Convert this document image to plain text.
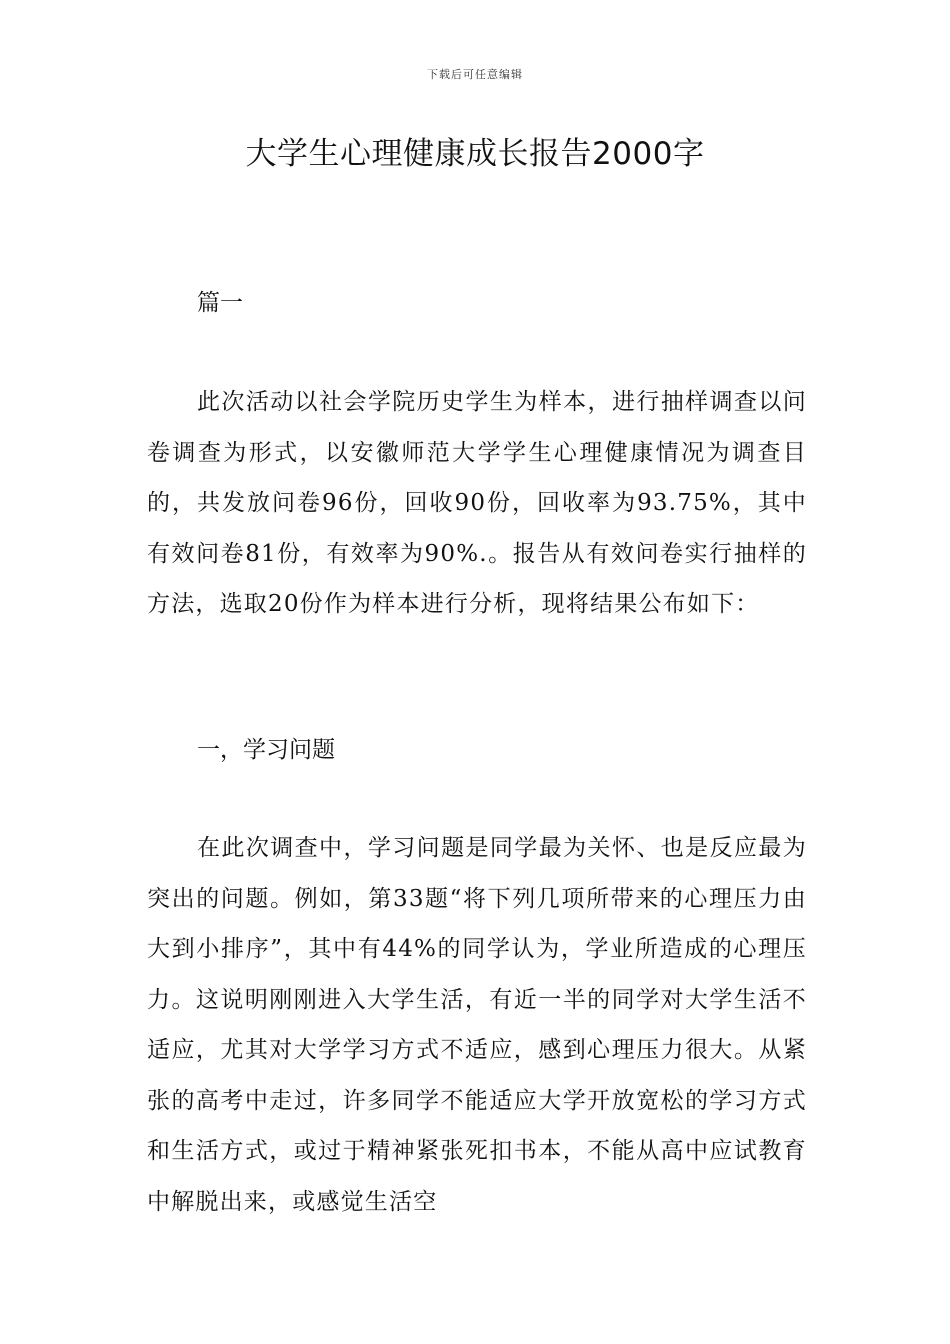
下载后可任意编辑
大学生心理健康成长报告2000字
篇一

此次活动以社会学院历史学生为样本，进行抽样调查以问卷调查为形式，以安徽师范大学学生心理健康情况为调查目的，共发放问卷96份，回收90份，回收率为93.75%，其中有效问卷81份，有效率为90%.。报告从有效问卷实行抽样的方法，选取20份作为样本进行分析，现将结果公布如下：

一，学习问题

在此次调查中，学习问题是同学最为关怀、也是反应最为突出的问题。例如，第33题“将下列几项所带来的心理压力由大到小排序”，其中有44%的同学认为，学业所造成的心理压力。这说明刚刚进入大学生活，有近一半的同学对大学生活不适应，尤其对大学学习方式不适应，感到心理压力很大。从紧张的高考中走过，许多同学不能适应大学开放宽松的学习方式和生活方式，或过于精神紧张死扣书本，不能从高中应试教育中解脱出来，或感觉生活空
